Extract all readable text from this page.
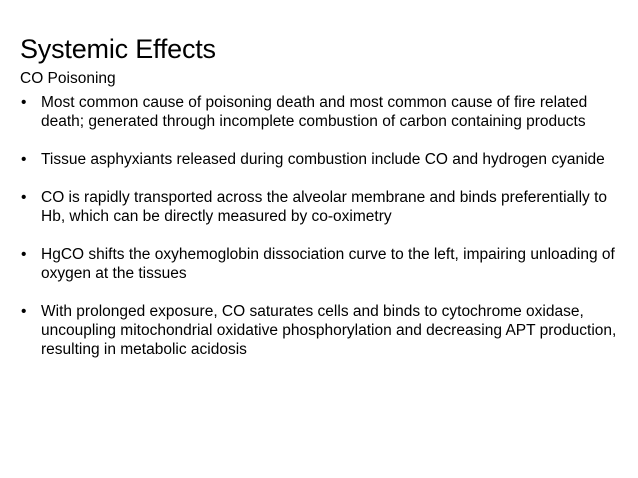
Systemic Effects
CO Poisoning
• Most common cause of poisoning death and most common cause of fire related death; generated through incomplete combustion of carbon containing products
• Tissue asphyxiants released during combustion include CO and hydrogen cyanide
• CO is rapidly transported across the alveolar membrane and binds preferentially to Hb, which can be directly measured by co-oximetry
• HgCO shifts the oxyhemoglobin dissociation curve to the left, impairing unloading of oxygen at the tissues
• With prolonged exposure, CO saturates cells and binds to cytochrome oxidase, uncoupling mitochondrial oxidative phosphorylation and decreasing APT production, resulting in metabolic acidosis
